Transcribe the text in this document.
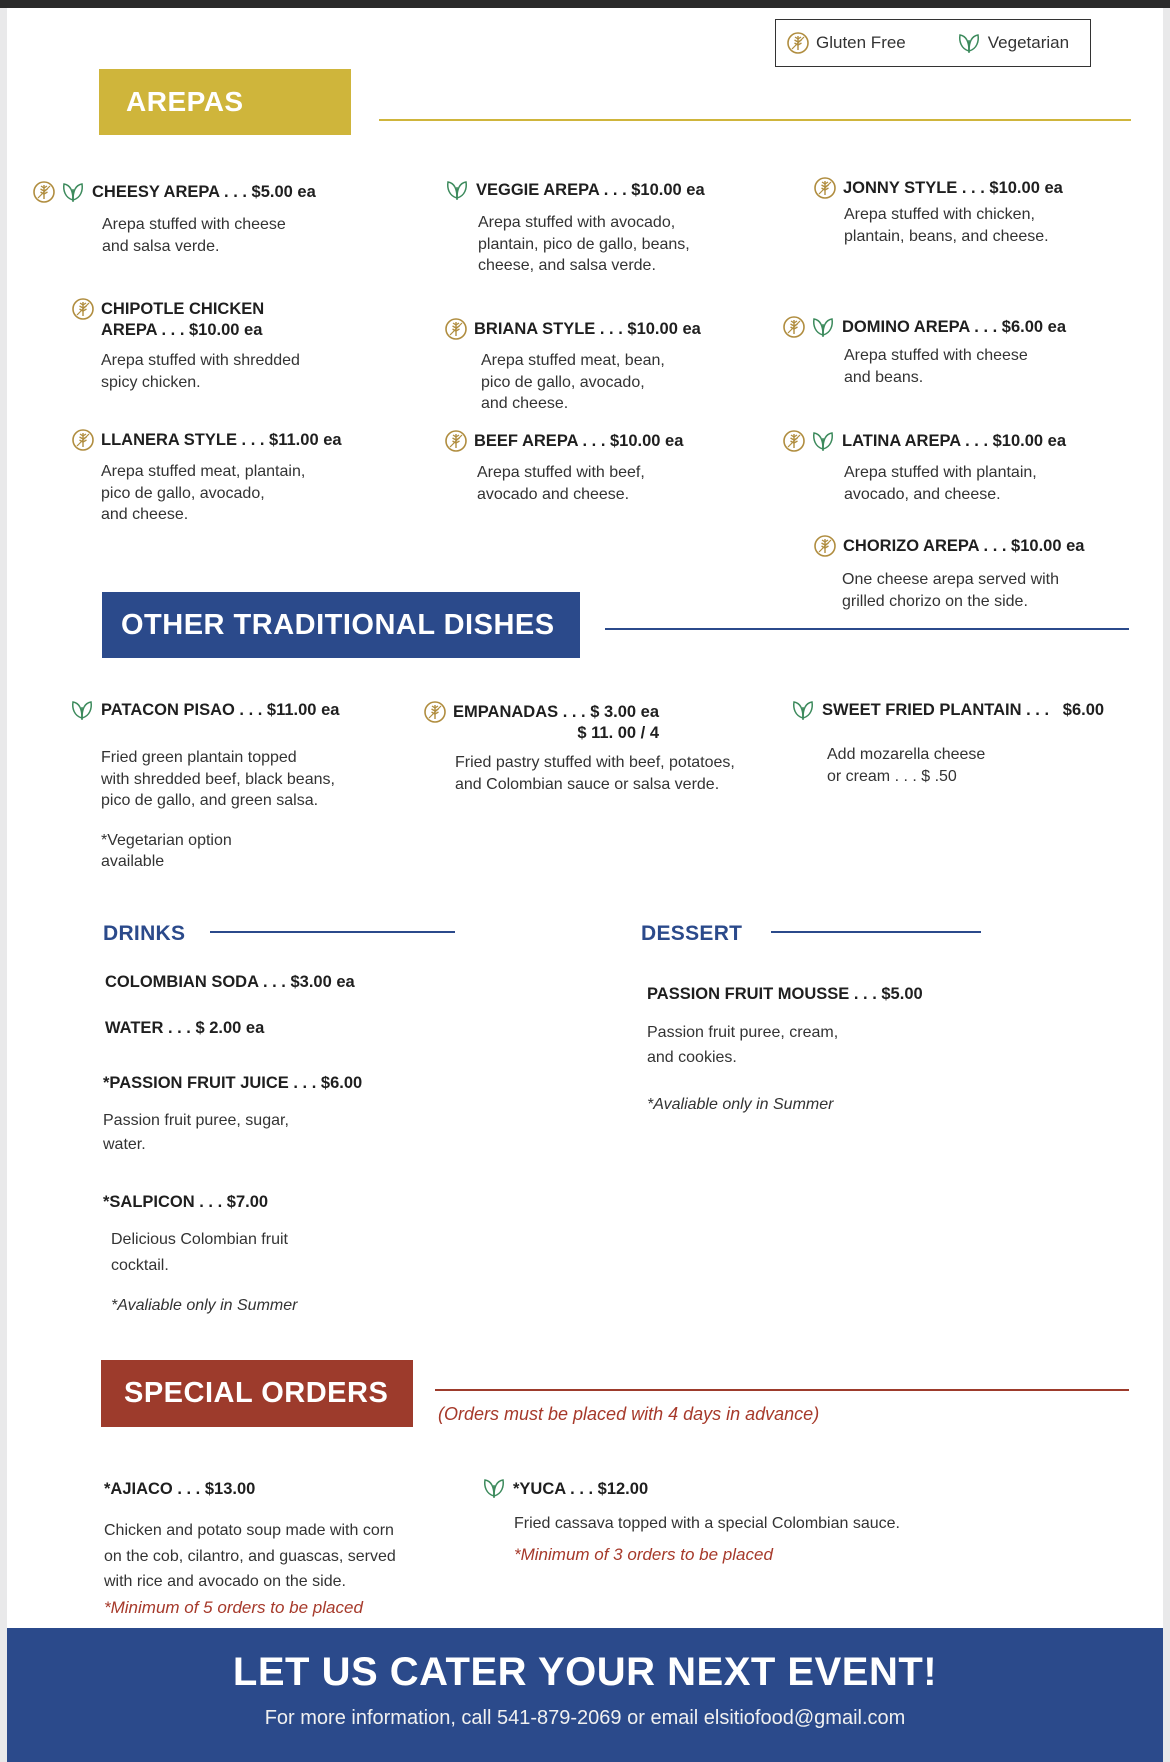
Gluten Free	Vegetarian
AREPAS
CHEESY AREPA . . . $5.00 ea
Arepa stuffed with cheese
and salsa verde.
VEGGIE AREPA . . . $10.00 ea
Arepa stuffed with avocado,
plantain, pico de gallo, beans,
cheese, and salsa verde.
JONNY STYLE . . . $10.00 ea
Arepa stuffed with chicken,
plantain, beans, and cheese.
CHIPOTLE CHICKEN
AREPA . . . $10.00 ea
Arepa stuffed with shredded
spicy chicken.
BRIANA STYLE . . . $10.00 ea
Arepa stuffed meat, bean,
pico de gallo, avocado,
and cheese.
DOMINO AREPA . . . $6.00 ea
Arepa stuffed with cheese
and beans.
LLANERA STYLE . . . $11.00 ea
Arepa stuffed meat, plantain,
pico de gallo, avocado,
and cheese.
BEEF AREPA . . . $10.00 ea
Arepa stuffed with beef,
avocado and cheese.
LATINA AREPA . . . $10.00 ea
Arepa stuffed with plantain,
avocado, and cheese.
CHORIZO AREPA . . . $10.00 ea
One cheese arepa served with
grilled chorizo on the side.
OTHER TRADITIONAL DISHES
PATACON PISAO . . . $11.00 ea
Fried green plantain topped
with shredded beef, black beans,
pico de gallo, and green salsa.
*Vegetarian option
available
EMPANADAS . . . $ 3.00 ea
$ 11. 00 / 4
Fried pastry stuffed with beef, potatoes,
and Colombian sauce or salsa verde.
SWEET FRIED PLANTAIN . . .   $6.00
Add mozarella cheese
or cream . . . $ .50
DRINKS
COLOMBIAN SODA . . . $3.00 ea
WATER . . . $ 2.00 ea
*PASSION FRUIT JUICE . . . $6.00
Passion fruit puree, sugar,
water.
*SALPICON . . . $7.00
Delicious Colombian fruit
cocktail.
*Avaliable only in Summer
DESSERT
PASSION FRUIT MOUSSE . . . $5.00
Passion fruit puree, cream,
and cookies.
*Avaliable only in Summer
SPECIAL ORDERS
(Orders must be placed with 4 days in advance)
*AJIACO . . . $13.00
Chicken and potato soup made with corn
on the cob, cilantro, and guascas, served
with rice and avocado on the side.
*Minimum of 5 orders to be placed
*YUCA . . . $12.00
Fried cassava topped with a special Colombian sauce.
*Minimum of 3 orders to be placed
LET US CATER YOUR NEXT EVENT!
For more information, call 541-879-2069 or email elsitiofood@gmail.com
